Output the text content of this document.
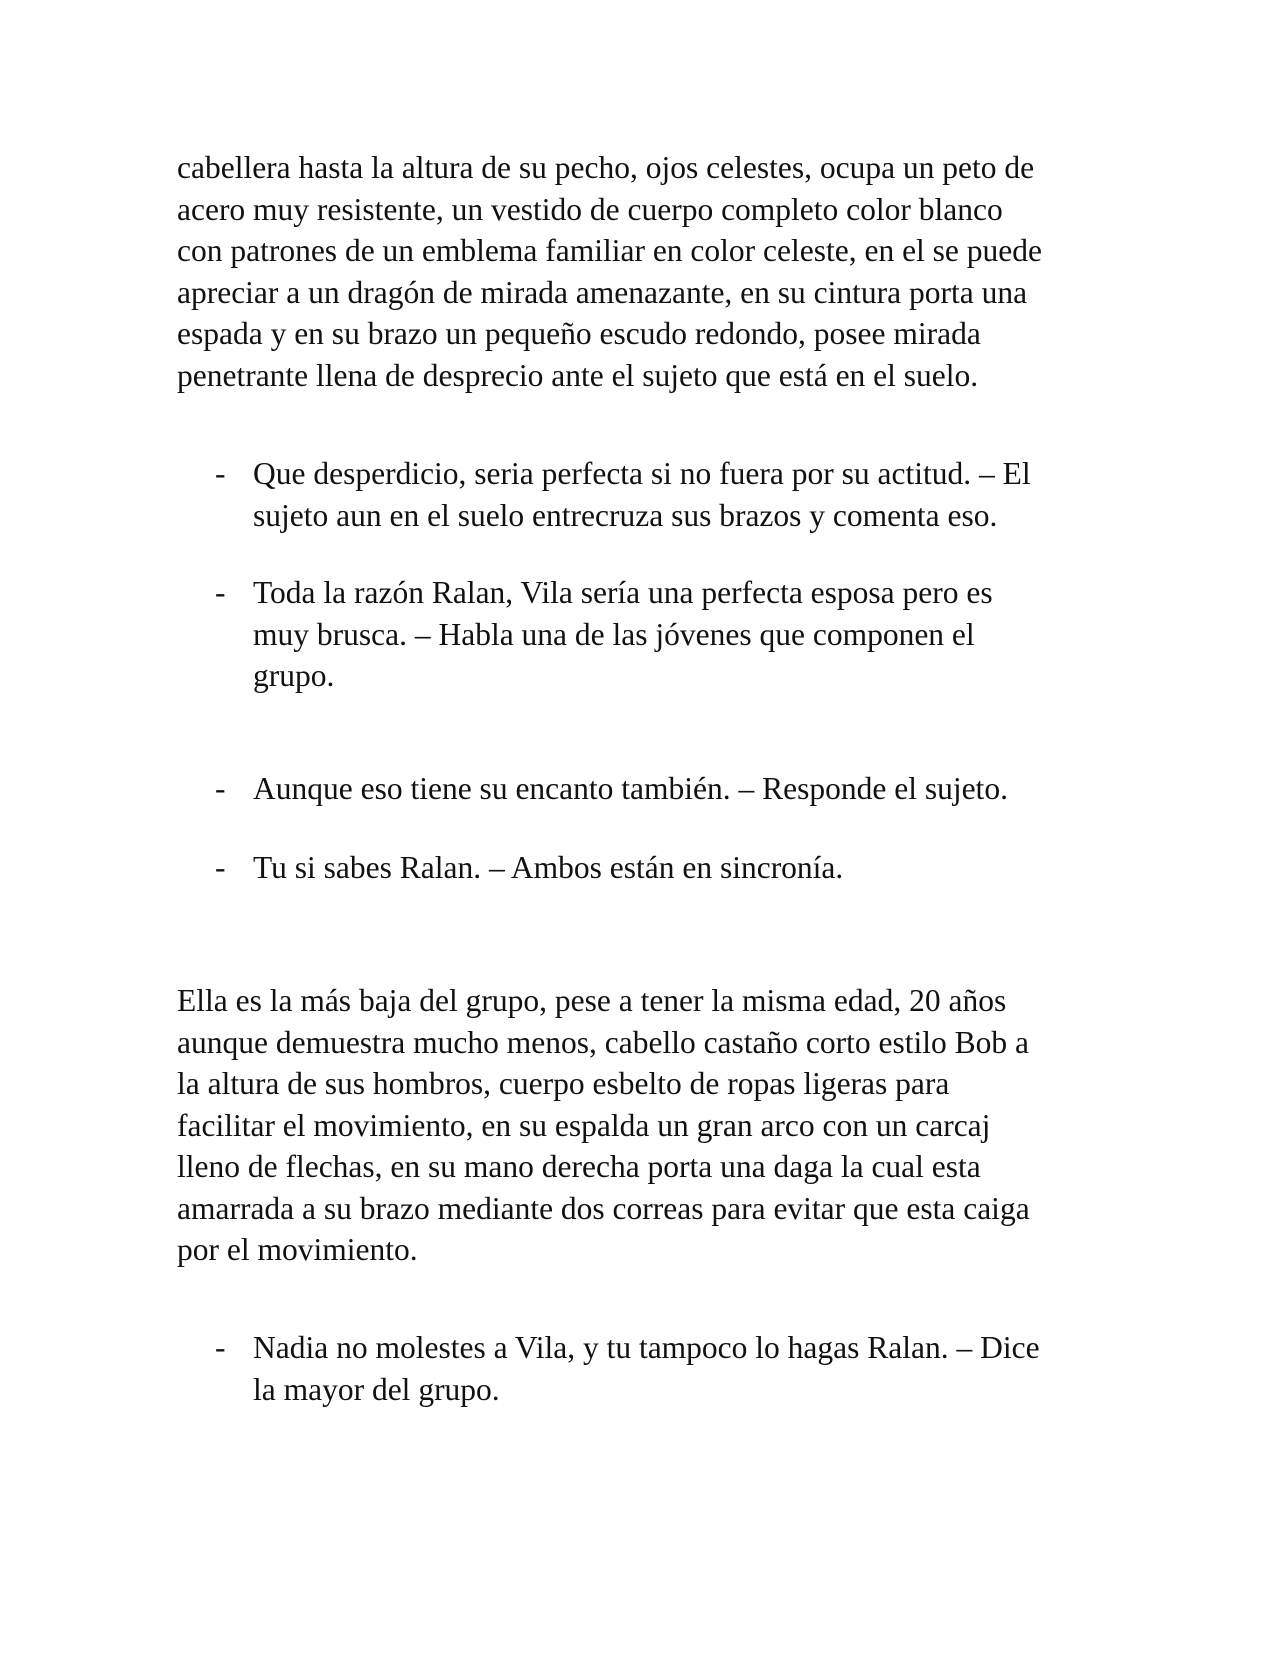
cabellera hasta la altura de su pecho, ojos celestes, ocupa un peto de
acero muy resistente, un vestido de cuerpo completo color blanco
con patrones de un emblema familiar en color celeste, en el se puede
apreciar a un dragón de mirada amenazante, en su cintura porta una
espada y en su brazo un pequeño escudo redondo, posee mirada
penetrante llena de desprecio ante el sujeto que está en el suelo.

- Que desperdicio, seria perfecta si no fuera por su actitud. – El
sujeto aun en el suelo entrecruza sus brazos y comenta eso.
- Toda la razón Ralan, Vila sería una perfecta esposa pero es
muy brusca. – Habla una de las jóvenes que componen el
grupo.
- Aunque eso tiene su encanto también. – Responde el sujeto.
- Tu si sabes Ralan. – Ambos están en sincronía.

Ella es la más baja del grupo, pese a tener la misma edad, 20 años
aunque demuestra mucho menos, cabello castaño corto estilo Bob a
la altura de sus hombros, cuerpo esbelto de ropas ligeras para
facilitar el movimiento, en su espalda un gran arco con un carcaj
lleno de flechas, en su mano derecha porta una daga la cual esta
amarrada a su brazo mediante dos correas para evitar que esta caiga
por el movimiento.

- Nadia no molestes a Vila, y tu tampoco lo hagas Ralan. – Dice
la mayor del grupo.
